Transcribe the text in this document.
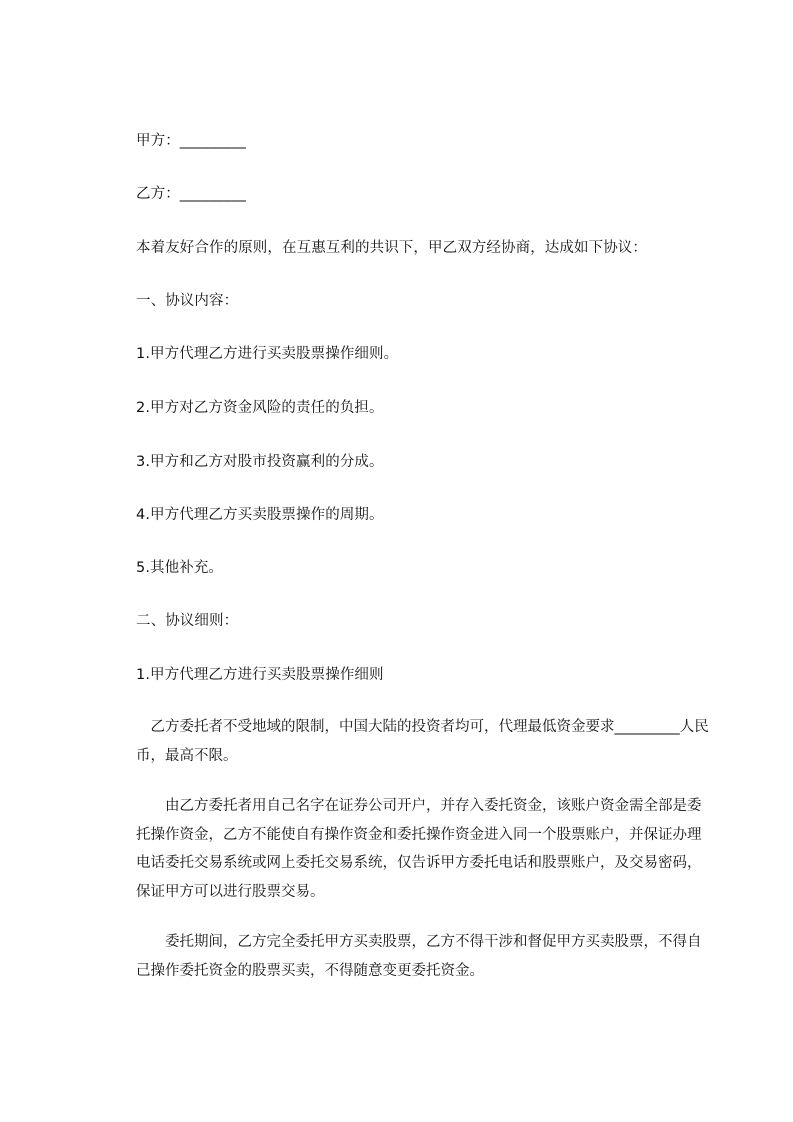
甲方：_________
乙方：_________
本着友好合作的原则，在互惠互利的共识下，甲乙双方经协商，达成如下协议：
一、协议内容：
1.甲方代理乙方进行买卖股票操作细则。
2.甲方对乙方资金风险的责任的负担。
3.甲方和乙方对股市投资赢利的分成。
4.甲方代理乙方买卖股票操作的周期。
5.其他补充。
二、协议细则：
1.甲方代理乙方进行买卖股票操作细则
　乙方委托者不受地域的限制，中国大陆的投资者均可，代理最低资金要求_________人民币，最高不限。
　　由乙方委托者用自己名字在证券公司开户，并存入委托资金，该账户资金需全部是委托操作资金，乙方不能使自有操作资金和委托操作资金进入同一个股票账户，并保证办理电话委托交易系统或网上委托交易系统，仅告诉甲方委托电话和股票账户，及交易密码，保证甲方可以进行股票交易。
　　委托期间，乙方完全委托甲方买卖股票，乙方不得干涉和督促甲方买卖股票，不得自己操作委托资金的股票买卖，不得随意变更委托资金。
